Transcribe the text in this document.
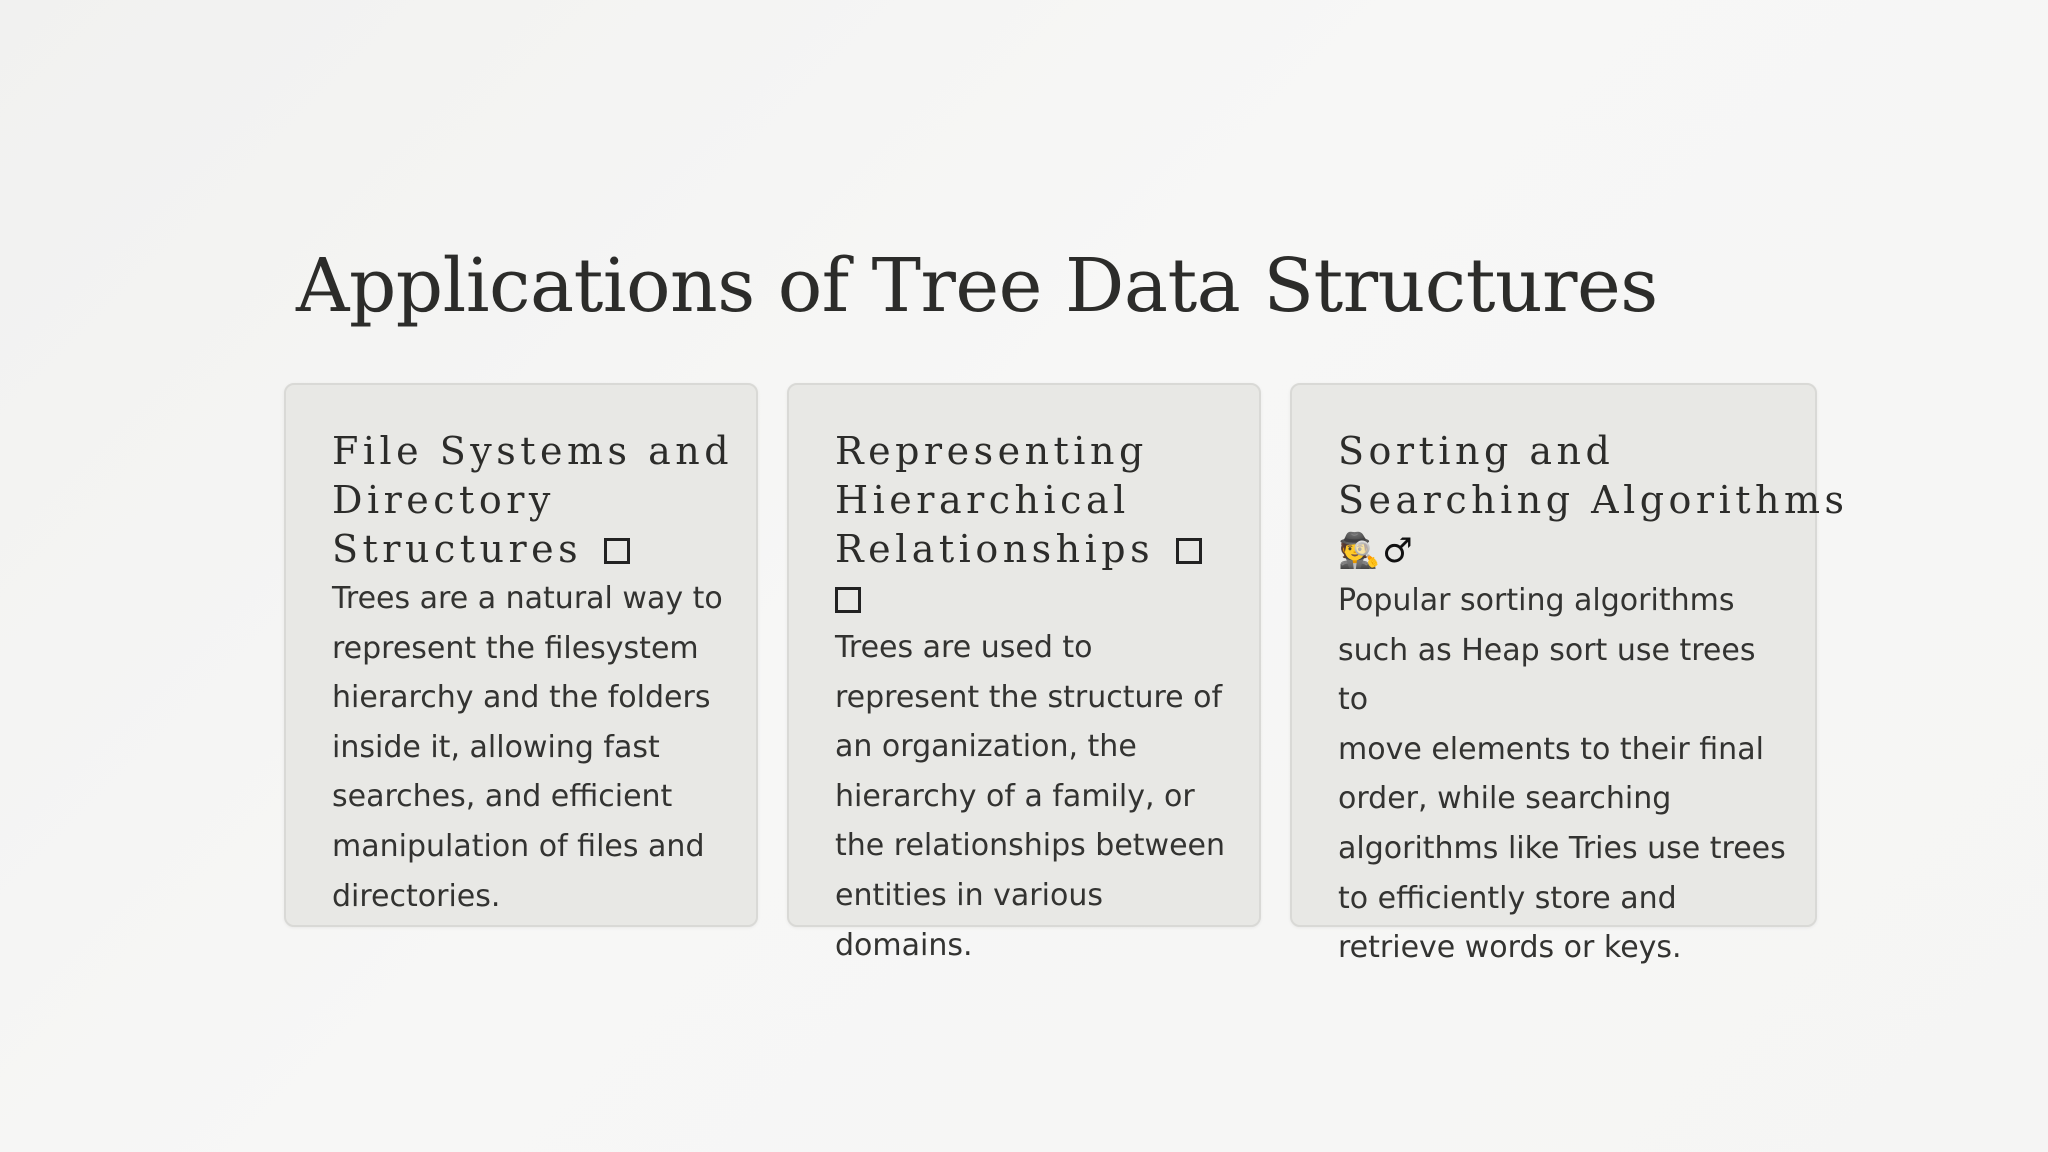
Applications of Tree Data Structures
File Systems and
Directory
Structures

Trees are a natural way to
represent the filesystem
hierarchy and the folders
inside it, allowing fast
searches, and efficient
manipulation of files and
directories.

Representing
Hierarchical
Relationships

Trees are used to
represent the structure of
an organization, the
hierarchy of a family, or
the relationships between
entities in various
domains.

Sorting and
Searching Algorithms
🕵♂

Popular sorting algorithms
such as Heap sort use trees to
move elements to their final
order, while searching
algorithms like Tries use trees
to efficiently store and
retrieve words or keys.
